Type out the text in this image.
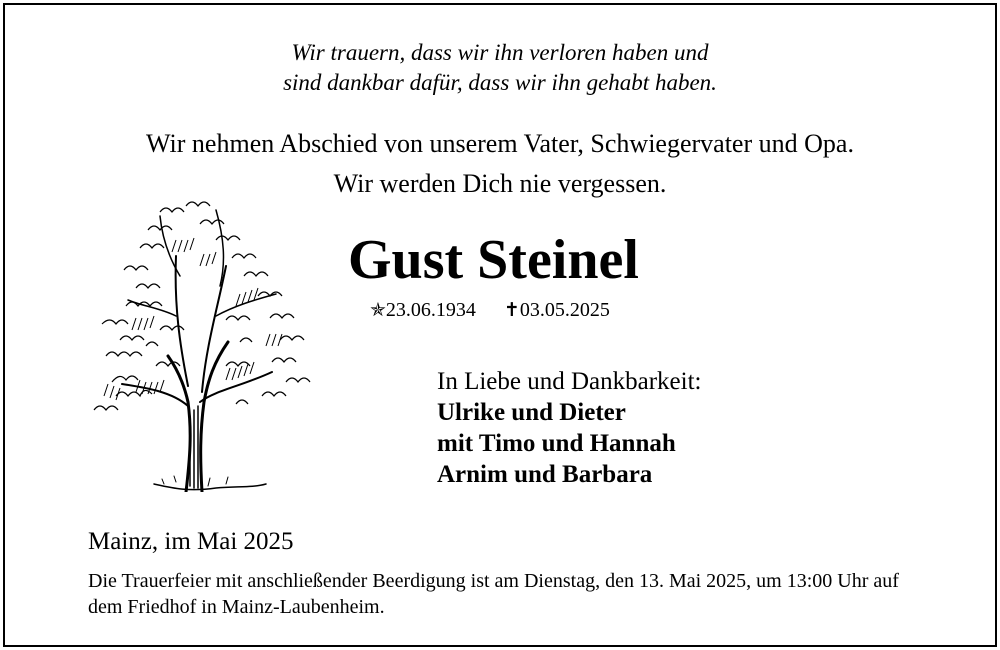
Wir trauern, dass wir ihn verloren haben und
sind dankbar dafür, dass wir ihn gehabt haben.
Wir nehmen Abschied von unserem Vater, Schwiegervater und Opa.
Wir werden Dich nie vergessen.
Gust Steinel
✯23.06.1934 ✝03.05.2025
In Liebe und Dankbarkeit:
Ulrike und Dieter
mit Timo und Hannah
Arnim und Barbara
Mainz, im Mai 2025
Die Trauerfeier mit anschließender Beerdigung ist am Dienstag, den 13. Mai 2025, um 13:00 Uhr auf dem Friedhof in Mainz-Laubenheim.
